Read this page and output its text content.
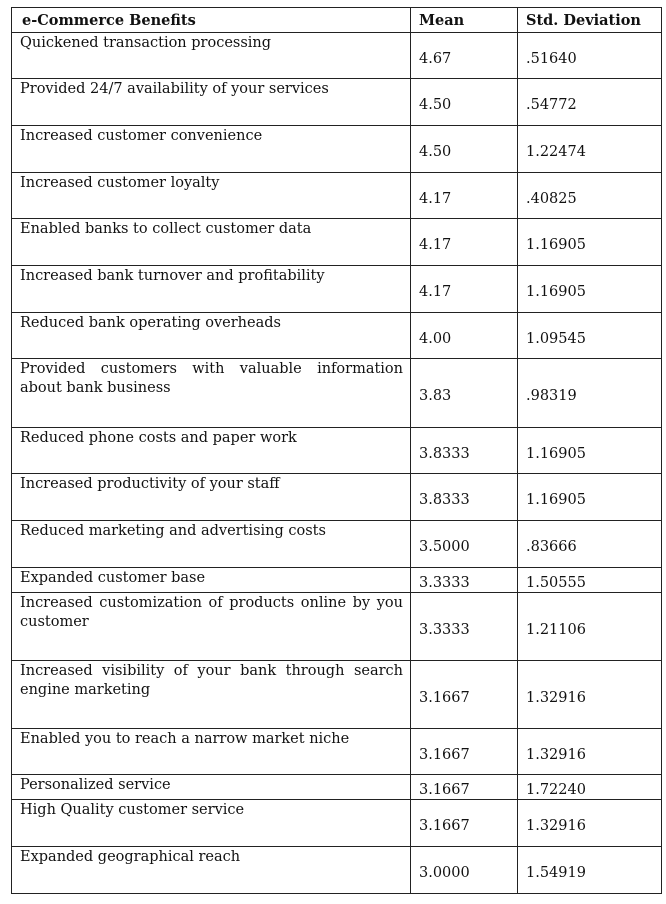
e-Commerce Benefits	Mean	Std. Deviation
Quickened transaction processing	4.67	.51640
Provided 24/7 availability of your services	4.50	.54772
Increased customer convenience	4.50	1.22474
Increased customer loyalty	4.17	.40825
Enabled banks to collect customer data	4.17	1.16905
Increased bank turnover and profitability	4.17	1.16905
Reduced bank operating overheads	4.00	1.09545
Provided customers with valuable information about bank business	3.83	.98319
Reduced phone costs and paper work	3.8333	1.16905
Increased productivity of your staff	3.8333	1.16905
Reduced marketing and advertising costs	3.5000	.83666
Expanded customer base	3.3333	1.50555
Increased customization of products online by you customer	3.3333	1.21106
Increased visibility of your bank through search engine marketing	3.1667	1.32916
Enabled you to reach a narrow market niche	3.1667	1.32916
Personalized service	3.1667	1.72240
High Quality customer service	3.1667	1.32916
Expanded geographical reach	3.0000	1.54919
